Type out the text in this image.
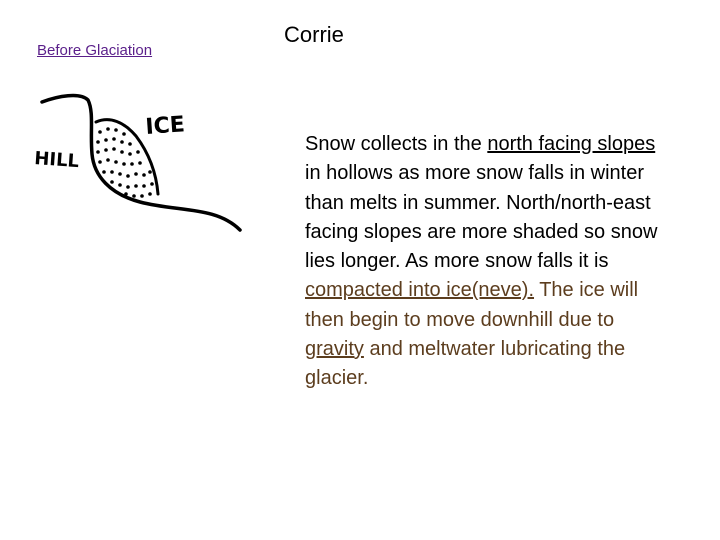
Before Glaciation
Corrie
HILL
ICE
Snow collects in the north facing slopes in hollows as more snow falls in winter than melts in summer. North/north-east facing slopes are more shaded so snow lies longer. As more snow falls it is compacted into ice(neve). The ice will then begin to move downhill due to gravity and meltwater lubricating the glacier.
